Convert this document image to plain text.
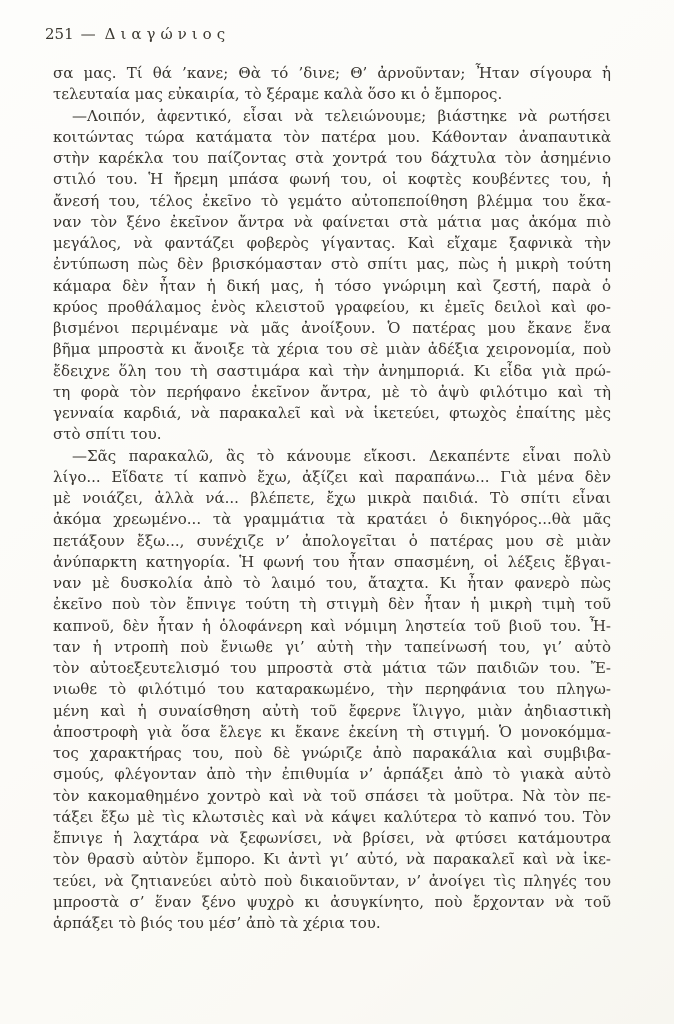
251 — Διαγώνιος
σα μας. Τί θά ’κανε; Θὰ τό ’δινε; Θ’ ἀρνοῦνταν; Ἦταν σίγουρα ἡ
τελευταία μας εὐκαιρία, τὸ ξέραμε καλὰ ὅσο κι ὁ ἔμπορος.
—Λοιπόν, ἀφεντικό, εἶσαι νὰ τελειώνουμε; βιάστηκε νὰ ρωτήσει
κοιτώντας τώρα κατάματα τὸν πατέρα μου. Κάθονταν ἀναπαυτικὰ
στὴν καρέκλα του παίζοντας στὰ χοντρά του δάχτυλα τὸν ἀσημένιο
στιλό του. Ἡ ἤρεμη μπάσα φωνή του, οἱ κοφτὲς κουβέντες του, ἡ
ἄνεσή του, τέλος ἐκεῖνο τὸ γεμάτο αὐτοπεποίθηση βλέμμα του ἔκα-
ναν τὸν ξένο ἐκεῖνον ἄντρα νὰ φαίνεται στὰ μάτια μας ἀκόμα πιὸ
μεγάλος, νὰ φαντάζει φοβερὸς γίγαντας. Καὶ εἴχαμε ξαφνικὰ τὴν
ἐντύπωση πὼς δὲν βρισκόμασταν στὸ σπίτι μας, πὼς ἡ μικρὴ τούτη
κάμαρα δὲν ἦταν ἡ δική μας, ἡ τόσο γνώριμη καὶ ζεστή, παρὰ ὁ
κρύος προθάλαμος ἑνὸς κλειστοῦ γραφείου, κι ἐμεῖς δειλοὶ καὶ φο-
βισμένοι περιμέναμε νὰ μᾶς ἀνοίξουν. Ὁ πατέρας μου ἔκανε ἕνα
βῆμα μπροστὰ κι ἄνοιξε τὰ χέρια του σὲ μιὰν ἀδέξια χειρονομία, ποὺ
ἔδειχνε ὅλη του τὴ σαστιμάρα καὶ τὴν ἀνημποριά. Κι εἶδα γιὰ πρώ-
τη φορὰ τὸν περήφανο ἐκεῖνον ἄντρα, μὲ τὸ ἀψὺ φιλότιμο καὶ τὴ
γενναία καρδιά, νὰ παρακαλεῖ καὶ νὰ ἱκετεύει, φτωχὸς ἐπαίτης μὲς
στὸ σπίτι του.
—Σᾶς παρακαλῶ, ἂς τὸ κάνουμε εἴκοσι. Δεκαπέντε εἶναι πολὺ
λίγο... Εἴδατε τί καπνὸ ἔχω, ἀξίζει καὶ παραπάνω... Γιὰ μένα δὲν
μὲ νοιάζει, ἀλλὰ νά... βλέπετε, ἔχω μικρὰ παιδιά. Τὸ σπίτι εἶναι
ἀκόμα χρεωμένο... τὰ γραμμάτια τὰ κρατάει ὁ δικηγόρος...θὰ μᾶς
πετάξουν ἔξω..., συνέχιζε ν’ ἀπολογεῖται ὁ πατέρας μου σὲ μιὰν
ἀνύπαρκτη κατηγορία. Ἡ φωνή του ἦταν σπασμένη, οἱ λέξεις ἔβγαι-
ναν μὲ δυσκολία ἀπὸ τὸ λαιμό του, ἄταχτα. Κι ἦταν φανερὸ πὼς
ἐκεῖνο ποὺ τὸν ἔπνιγε τούτη τὴ στιγμὴ δὲν ἦταν ἡ μικρὴ τιμὴ τοῦ
καπνοῦ, δὲν ἦταν ἡ ὁλοφάνερη καὶ νόμιμη ληστεία τοῦ βιοῦ του. Ἦ-
ταν ἡ ντροπὴ ποὺ ἔνιωθε γι’ αὐτὴ τὴν ταπείνωσή του, γι’ αὐτὸ
τὸν αὐτοεξευτελισμό του μπροστὰ στὰ μάτια τῶν παιδιῶν του. Ἔ-
νιωθε τὸ φιλότιμό του καταρακωμένο, τὴν περηφάνια του πληγω-
μένη καὶ ἡ συναίσθηση αὐτὴ τοῦ ἔφερνε ἴλιγγο, μιὰν ἀηδιαστικὴ
ἀποστροφὴ γιὰ ὅσα ἔλεγε κι ἔκανε ἐκείνη τὴ στιγμή. Ὁ μονοκόμμα-
τος χαρακτήρας του, ποὺ δὲ γνώριζε ἀπὸ παρακάλια καὶ συμβιβα-
σμούς, φλέγονταν ἀπὸ τὴν ἐπιθυμία ν’ ἁρπάξει ἀπὸ τὸ γιακὰ αὐτὸ
τὸν κακομαθημένο χοντρὸ καὶ νὰ τοῦ σπάσει τὰ μοῦτρα. Νὰ τὸν πε-
τάξει ἔξω μὲ τὶς κλωτσιὲς καὶ νὰ κάψει καλύτερα τὸ καπνό του. Τὸν
ἔπνιγε ἡ λαχτάρα νὰ ξεφωνίσει, νὰ βρίσει, νὰ φτύσει κατάμουτρα
τὸν θρασὺ αὐτὸν ἔμπορο. Κι ἀντὶ γι’ αὐτό, νὰ παρακαλεῖ καὶ νὰ ἱκε-
τεύει, νὰ ζητιανεύει αὐτὸ ποὺ δικαιοῦνταν, ν’ ἀνοίγει τὶς πληγές του
μπροστὰ σ’ ἕναν ξένο ψυχρὸ κι ἀσυγκίνητο, ποὺ ἔρχονταν νὰ τοῦ
ἁρπάξει τὸ βιός του μέσ’ ἀπὸ τὰ χέρια του.
